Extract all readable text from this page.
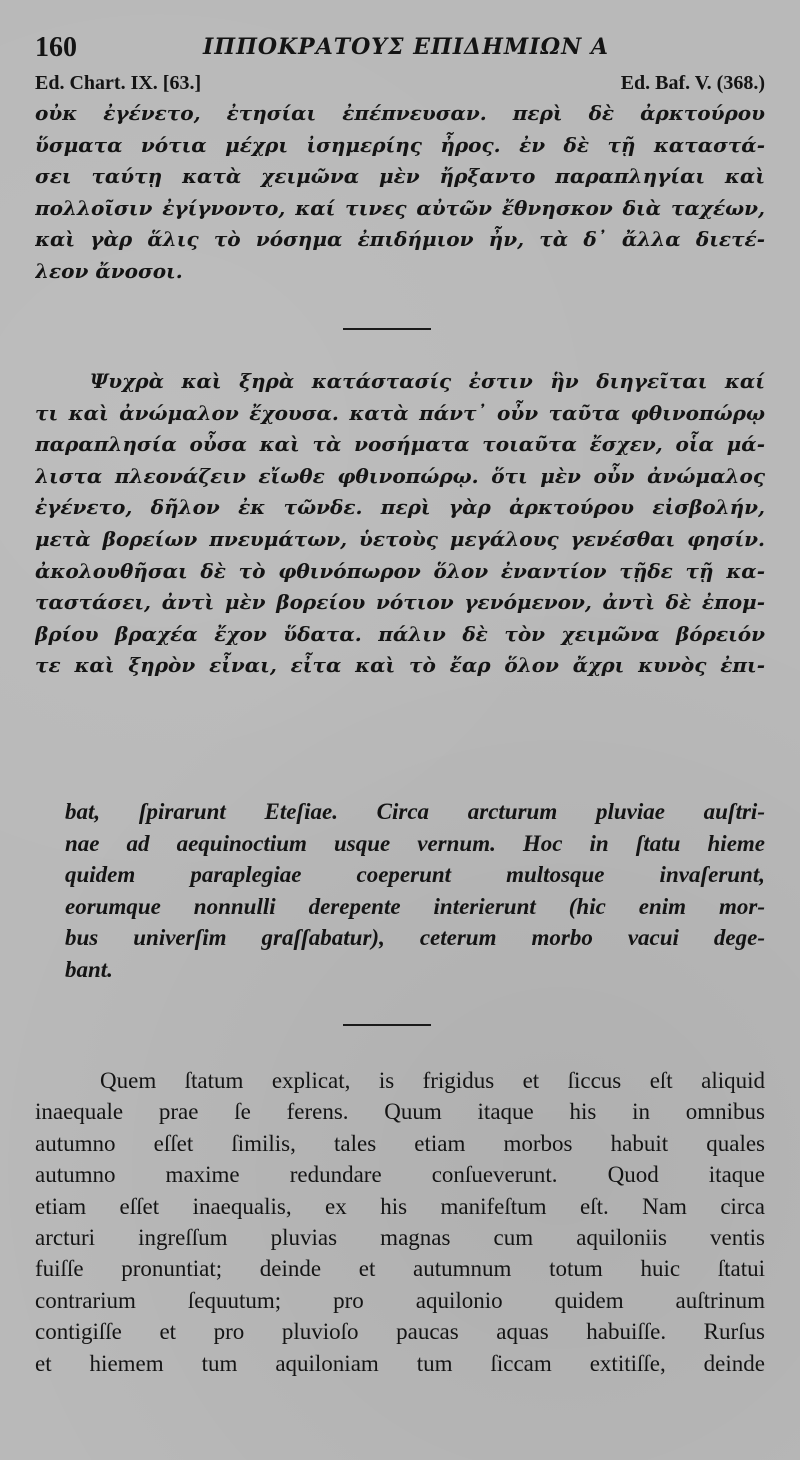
160	ΙΠΠΟΚΡΑΤΟΥΣ ΕΠΙΔΗΜΙΩΝ Α
Ed. Chart. IX. [63.]	Ed. Baf. V. (368.)
οὐκ ἐγένετο, ἐτησίαι ἐπέπνευσαν. περὶ δὲ ἀρκτούρου
ὕσματα νότια μέχρι ἰσημερίης ἦρος. ἐν δὲ τῇ καταστά-
σει ταύτῃ κατὰ χειμῶνα μὲν ἤρξαντο παραπληγίαι καὶ
πολλοῖσιν ἐγίγνοντο, καί τινες αὐτῶν ἔθνησκον διὰ ταχέων,
καὶ γὰρ ἅλις τὸ νόσημα ἐπιδήμιον ἦν, τὰ δ᾽ ἄλλα διετέ-
λεον ἄνοσοι.
Ψυχρὰ καὶ ξηρὰ κατάστασίς ἐστιν ἣν διηγεῖται καί
τι καὶ ἀνώμαλον ἔχουσα. κατὰ πάντ᾽ οὖν ταῦτα φθινοπώρῳ
παραπλησία οὖσα καὶ τὰ νοσήματα τοιαῦτα ἔσχεν, οἷα μά-
λιστα πλεονάζειν εἴωθε φθινοπώρῳ. ὅτι μὲν οὖν ἀνώμαλος
ἐγένετο, δῆλον ἐκ τῶνδε. περὶ γὰρ ἀρκτούρου εἰσβολήν,
μετὰ βορείων πνευμάτων, ὑετοὺς μεγάλους γενέσθαι φησίν.
ἀκολουθῆσαι δὲ τὸ φθινόπωρον ὅλον ἐναντίον τῇδε τῇ κα-
ταστάσει, ἀντὶ μὲν βορείου νότιον γενόμενον, ἀντὶ δὲ ἐπομ-
βρίου βραχέα ἔχον ὕδατα. πάλιν δὲ τὸν χειμῶνα βόρειόν
τε καὶ ξηρὸν εἶναι, εἶτα καὶ τὸ ἔαρ ὅλον ἄχρι κυνὸς ἐπι-
bat, ſpirarunt Eteſiae. Circa arcturum pluviae auſtri-
nae ad aequinoctium usque vernum. Hoc in ſtatu hieme
quidem paraplegiae coeperunt multosque invaſerunt,
eorumque nonnulli derepente interierunt (hic enim mor-
bus univerſim graſſabatur), ceterum morbo vacui dege-
bant.
Quem ſtatum explicat, is frigidus et ſiccus eſt aliquid
inaequale prae ſe ferens. Quum itaque his in omnibus
autumno eſſet ſimilis, tales etiam morbos habuit quales
autumno maxime redundare conſueverunt. Quod itaque
etiam eſſet inaequalis, ex his manifeſtum eſt. Nam circa
arcturi ingreſſum pluvias magnas cum aquiloniis ventis
fuiſſe pronuntiat; deinde et autumnum totum huic ſtatui
contrarium ſequutum; pro aquilonio quidem auſtrinum
contigiſſe et pro pluvioſo paucas aquas habuiſſe. Rurſus
et hiemem tum aquiloniam tum ſiccam extitiſſe, deinde
